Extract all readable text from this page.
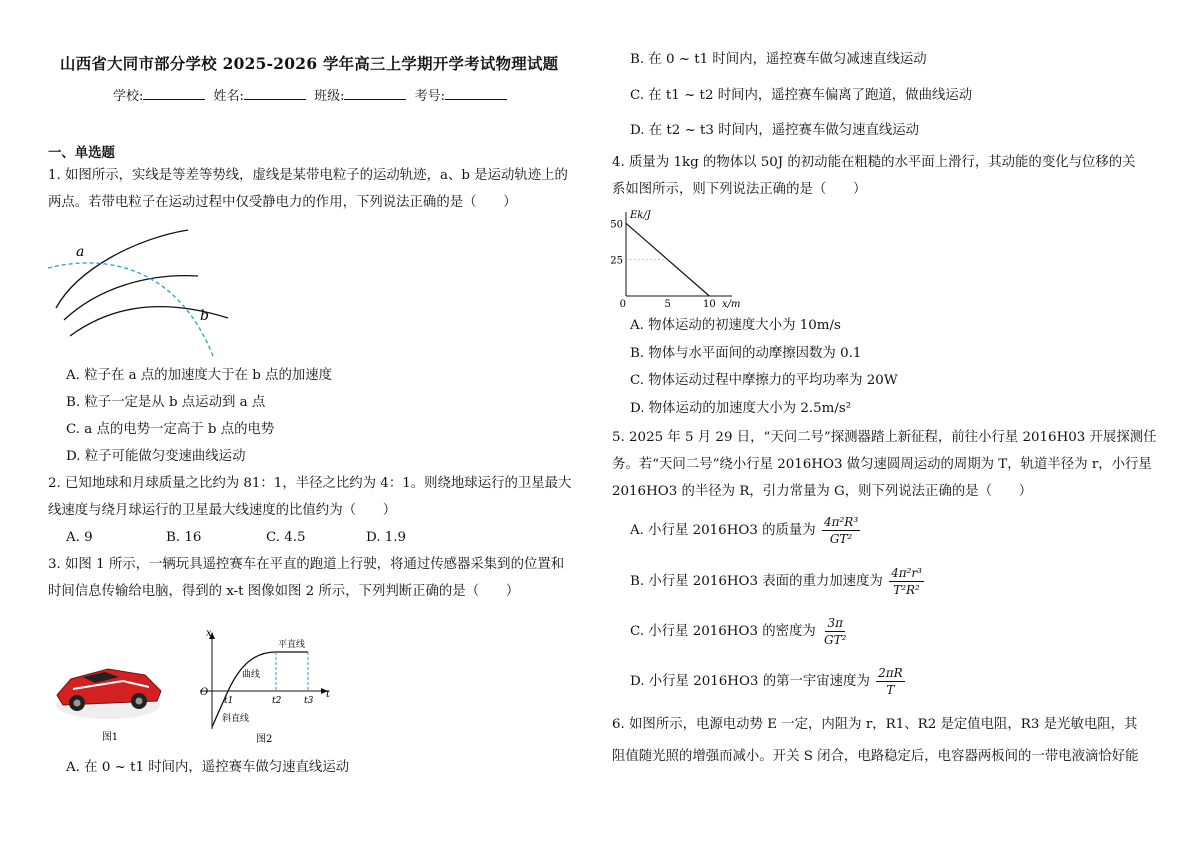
山西省大同市部分学校 2025-2026 学年高三上学期开学考试物理试题
学校:	姓名:	班级:	考号:
一、单选题
1. 如图所示，实线是等差等势线，虚线是某带电粒子的运动轨迹，a、b 是运动轨迹上的
两点。若带电粒子在运动过程中仅受静电力的作用，下列说法正确的是（　　）
a
b
A. 粒子在 a 点的加速度大于在 b 点的加速度
B. 粒子一定是从 b 点运动到 a 点
C. a 点的电势一定高于 b 点的电势
D. 粒子可能做匀变速曲线运动
2. 已知地球和月球质量之比约为 81：1，半径之比约为 4：1。则绕地球运行的卫星最大
线速度与绕月球运行的卫星最大线速度的比值约为（　　）
A. 9	B. 16	C. 4.5	D. 1.9
3. 如图 1 所示，一辆玩具遥控赛车在平直的跑道上行驶，将通过传感器采集到的位置和
时间信息传输给电脑，得到的 x-t 图像如图 2 所示，下列判断正确的是（　　）
图1
x
t
O
t1	t2	t3
平直线
曲线
斜直线
图2
A. 在 0 ~ t1 时间内，遥控赛车做匀速直线运动
B. 在 0 ~ t1 时间内，遥控赛车做匀减速直线运动
C. 在 t1 ~ t2 时间内，遥控赛车偏离了跑道，做曲线运动
D. 在 t2 ~ t3 时间内，遥控赛车做匀速直线运动
4. 质量为 1kg 的物体以 50J 的初动能在粗糙的水平面上滑行，其动能的变化与位移的关
系如图所示，则下列说法正确的是（　　）
25
50
0	5	10
Ek/J
x/m
A. 物体运动的初速度大小为 10m/s
B. 物体与水平面间的动摩擦因数为 0.1
C. 物体运动过程中摩擦力的平均功率为 20W
D. 物体运动的加速度大小为 2.5m/s²
5. 2025 年 5 月 29 日，“天问二号”探测器踏上新征程，前往小行星 2016H03 开展探测任
务。若“天问二号”绕小行星 2016HO3 做匀速圆周运动的周期为 T，轨道半径为 r，小行星
2016HO3 的半径为 R，引力常量为 G，则下列说法正确的是（　　）
A. 小行星 2016HO3 的质量为 $\frac{\text{4π²R³}}{\text{GT²}}$
B. 小行星 2016HO3 表面的重力加速度为 $\frac{\text{4π²r³}}{\text{T²R²}}$
C. 小行星 2016HO3 的密度为 $\frac{3\pi}{\text{GT²}}$
D. 小行星 2016HO3 的第一宇宙速度为 $\frac{2\pi R}{T}$
6. 如图所示，电源电动势 E 一定，内阻为 r，R1、R2 是定值电阻，R3 是光敏电阻，其
阻值随光照的增强而减小。开关 S 闭合，电路稳定后，电容器两板间的一带电液滴恰好能
